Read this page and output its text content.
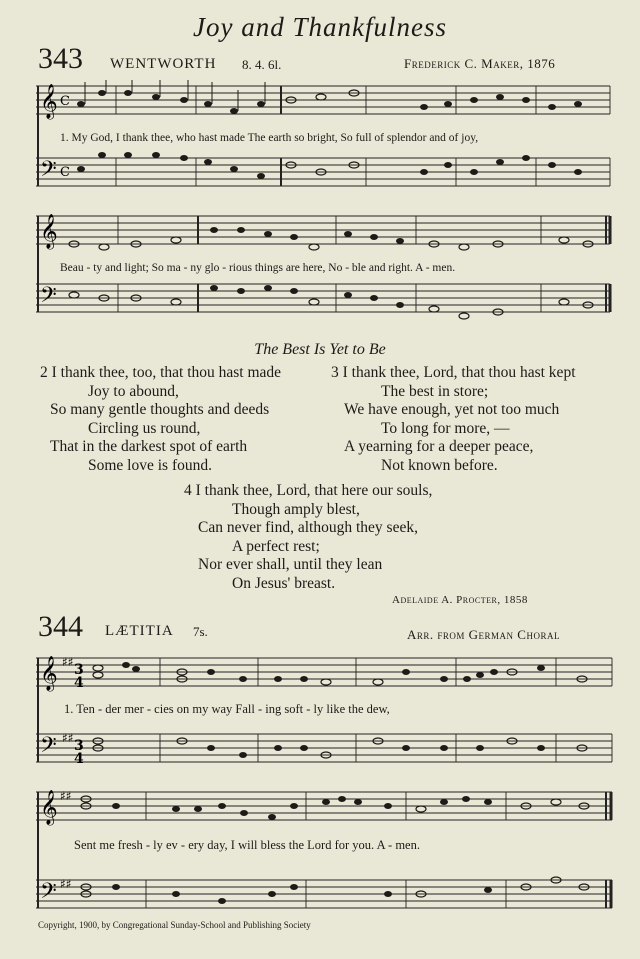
Joy and Thankfulness
343 WENTWORTH 8. 4. 6l.	Frederick C. Maker, 1876
𝄞
𝄢
C
C
1. My God, I thank thee, who hast made The earth so bright, So full of splendor and of joy,
𝄞
𝄢
Beau - ty and light; So ma - ny glo - rious things are here, No - ble and right. A - men.
The Best Is Yet to Be
2 I thank thee, too, that thou hast made
Joy to abound,
So many gentle thoughts and deeds
Circling us round,
That in the darkest spot of earth
Some love is found.
3 I thank thee, Lord, that thou hast kept
The best in store;
We have enough, yet not too much
To long for more, —
A yearning for a deeper peace,
Not known before.
4 I thank thee, Lord, that here our souls,
Though amply blest,
Can never find, although they seek,
A perfect rest;
Nor ever shall, until they lean
On Jesus' breast.
Adelaide A. Procter, 1858
344 LÆTITIA 7s.	Arr. from German Choral
𝄞
𝄢
♯♯
♯♯
3
4
3
4
1. Ten - der mer - cies on my way Fall - ing soft - ly like the dew,
𝄞
𝄢
♯♯
♯♯
Sent me fresh - ly ev - ery day, I will bless the Lord for you. A - men.
Copyright, 1900, by Congregational Sunday-School and Publishing Society
